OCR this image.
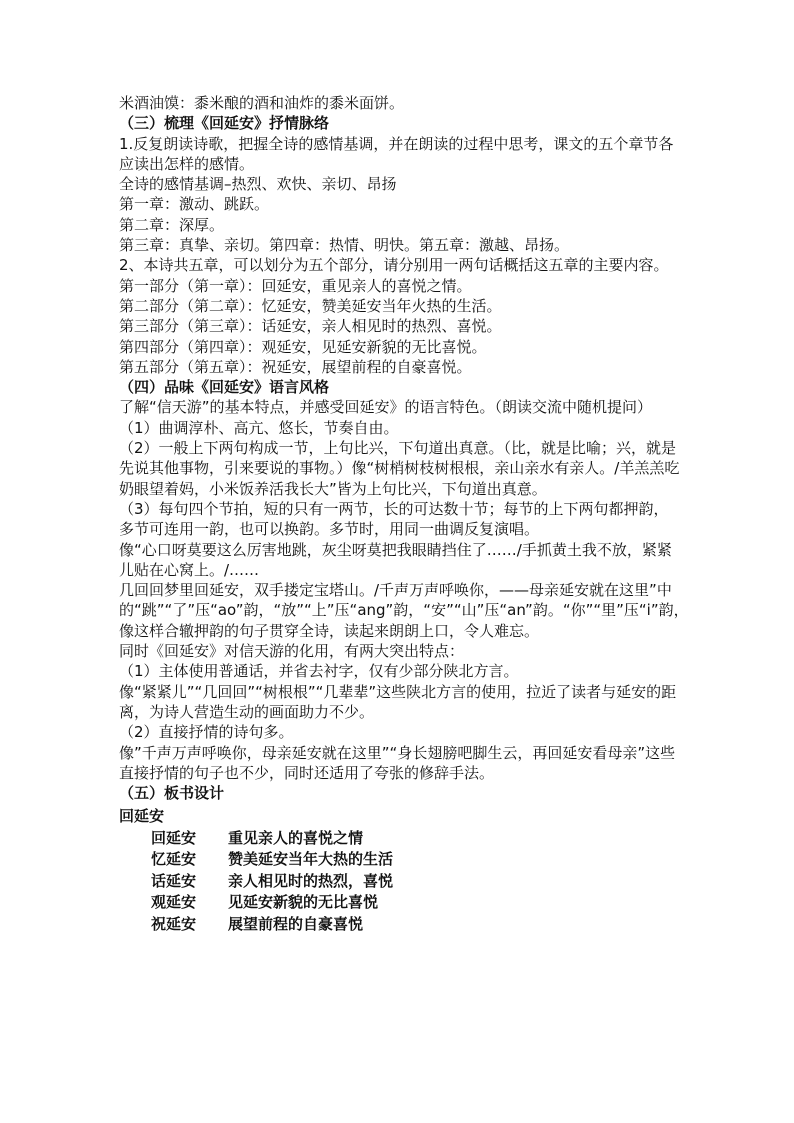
米酒油馍：黍米酿的酒和油炸的黍米面饼。

（三）梳理《回延安》抒情脉络

1.反复朗读诗歌，把握全诗的感情基调，并在朗读的过程中思考，课文的五个章节各应读出怎样的感情。

全诗的感情基调–热烈、欢快、亲切、昂扬

第一章：激动、跳跃。

第二章：深厚。

第三章：真挚、亲切。第四章：热情、明快。第五章：激越、昂扬。

2、本诗共五章，可以划分为五个部分，请分别用一两句话概括这五章的主要内容。第一部分（第一章）：回延安，重见亲人的喜悦之情。

第二部分（第二章）：忆延安，赞美延安当年火热的生活。

第三部分（第三章）：话延安，亲人相见时的热烈、喜悦。

第四部分（第四章）：观延安，见延安新貌的无比喜悦。

第五部分（第五章）：祝延安，展望前程的自豪喜悦。

（四）品味《回延安》语言风格

了解“信天游”的基本特点，并感受回延安》的语言特色。（朗读交流中随机提问）

（1）曲调淳朴、高亢、悠长，节奏自由。

（2）一般上下两句构成一节，上句比兴，下句道出真意。（比，就是比喻；兴，就是先说其他事物，引来要说的事物。）像“树梢树枝树根根，亲山亲水有亲人。/羊羔羔吃奶眼望着妈，小米饭养活我长大”皆为上句比兴，下句道出真意。

（3）每句四个节拍，短的只有一两节，长的可达数十节；每节的上下两句都押韵，多节可连用一韵，也可以换韵。多节时，用同一曲调反复演唱。

像“心口呀莫要这么厉害地跳，灰尘呀莫把我眼睛挡住了……/手抓黄土我不放，紧紧儿贴在心窝上。/……

几回回梦里回延安，双手搂定宝塔山。/千声万声呼唤你，——母亲延安就在这里”中的“跳”“了”压“ao”韵，“放”“上”压“ang”韵，“安”“山”压“an”韵。“你”“里”压“i”韵，像这样合辙押韵的句子贯穿全诗，读起来朗朗上口，令人难忘。

同时《回延安》对信天游的化用，有两大突出特点：

（1）主体使用普通话，并省去衬字，仅有少部分陕北方言。

像“紧紧儿”“几回回”“树根根”“几辈辈”这些陕北方言的使用，拉近了读者与延安的距离，为诗人营造生动的画面助力不少。

（2）直接抒情的诗句多。

像”千声万声呼唤你，母亲延安就在这里”“身长翅膀吧脚生云，再回延安看母亲”这些直接抒情的句子也不少，同时还适用了夸张的修辞手法。

（五）板书设计

回延安

回延安	重见亲人的喜悦之情
忆延安	赞美延安当年大热的生活
话延安	亲人相见时的热烈，喜悦
观延安	见延安新貌的无比喜悦
祝延安	展望前程的自豪喜悦
